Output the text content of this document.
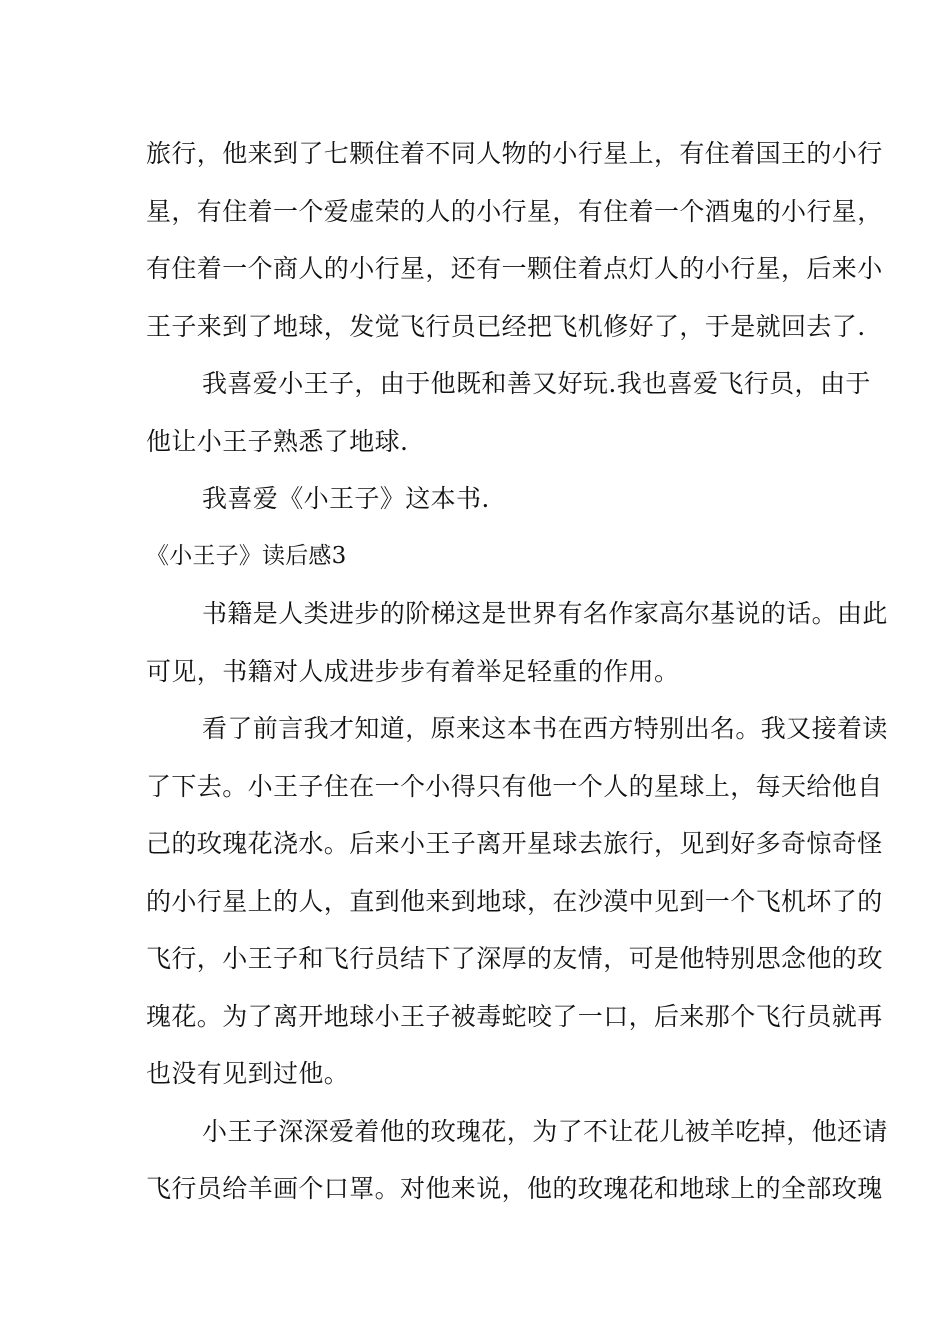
旅行，他来到了七颗住着不同人物的小行星上，有住着国王的小行
星，有住着一个爱虚荣的人的小行星，有住着一个酒鬼的小行星，
有住着一个商人的小行星，还有一颗住着点灯人的小行星，后来小
王子来到了地球，发觉飞行员已经把飞机修好了，于是就回去了.
我喜爱小王子，由于他既和善又好玩.我也喜爱飞行员，由于
他让小王子熟悉了地球.
我喜爱《小王子》这本书.
《小王子》读后感3
书籍是人类进步的阶梯这是世界有名作家高尔基说的话。由此
可见，书籍对人成进步步有着举足轻重的作用。
看了前言我才知道，原来这本书在西方特别出名。我又接着读
了下去。小王子住在一个小得只有他一个人的星球上，每天给他自
己的玫瑰花浇水。后来小王子离开星球去旅行，见到好多奇惊奇怪
的小行星上的人，直到他来到地球，在沙漠中见到一个飞机坏了的
飞行，小王子和飞行员结下了深厚的友情，可是他特别思念他的玫
瑰花。为了离开地球小王子被毒蛇咬了一口，后来那个飞行员就再
也没有见到过他。
小王子深深爱着他的玫瑰花，为了不让花儿被羊吃掉，他还请
飞行员给羊画个口罩。对他来说，他的玫瑰花和地球上的全部玫瑰
